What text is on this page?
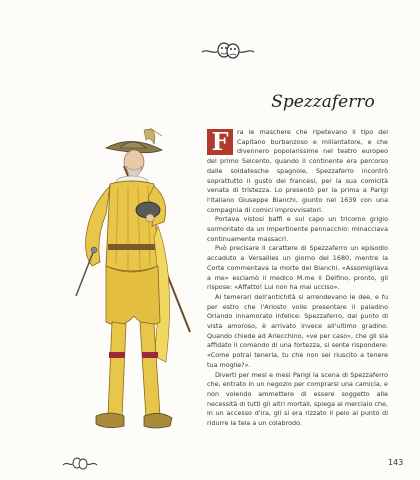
Spezzaferro

F	ra le maschere che ripetevano il tipo del Capitano burbanzoso e millantatore, e che divennero popolarissime nel teatro europeo del primo Seicento, quando il continente era percorso dalle soldatesche spagnole, Spezzaferro incontrò soprattutto il gusto dei francesi, per la sua comicità venata di tristezza. Lo presentò per la prima a Parigi l'italiano Giuseppe Bianchi, giunto nel 1639 con una compagnia di comici improvvisatori.

Portava vistosi baffi e sul capo un tricorno grigio sormontato da un impertinente pennacchio: minacciava continuamente massacri.

Può precisare il carattere di Spezzaferro un episodio accaduto a Versailles un giorno del 1680, mentre la Corte commentava la morte del Bianchi. «Assomigliava a me» esclamò il medico M.me il Delfino, pronto, gli rispose: «Affatto! Lui non ha mai ucciso».

Ai temerari dell'antichità si arrendevano le dee, e fu per estro che l'Ariosto volle presentare il paladino Orlando innamorato infelice: Spezzaferro, dal punto di vista amoroso, è arrivato invece all'ultimo gradino. Quando chiede ad Arlecchino, «ve per caso», che gli sia affidato il comando di una fortezza, si sente rispondere: «Come potrai tenerla, tu che non sei riuscito a tenere tua moglie?».

Diverti per mesi e mesi Parigi la scena di Spezzaferro che, entrato in un negozio per comprarsi una camicia, e non volendo ammettere di essere soggetto alle necessità di tutti gli altri mortali, spiega al merciaio che, in un accesso d'ira, gli si era rizzato il pelo al punto di ridurre la tela a un colabrodo.

143
